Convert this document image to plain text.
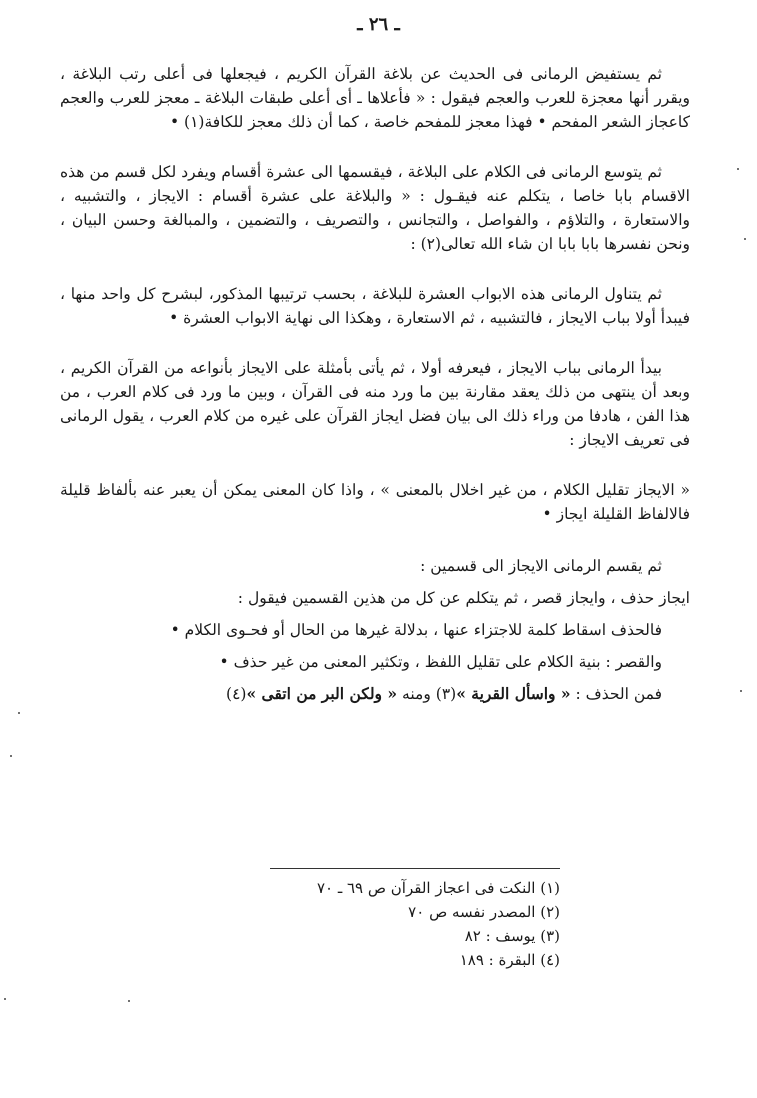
ـ ٢٦ ـ

ثم يستفيض الرمانى فى الحديث عن بلاغة القرآن الكريم ، فيجعلها فى أعلى رتب البلاغة ، ويقرر أنها معجزة للعرب والعجم فيقول : « فأعلاها ـ أى أعلى طبقات البلاغة ـ معجز للعرب والعجم كاعجاز الشعر المفحم • فهذا معجز للمفحم خاصة ، كما أن ذلك معجز للكافة(١) •

ثم يتوسع الرمانى فى الكلام على البلاغة ، فيقسمها الى عشرة أقسام ويفرد لكل قسم من هذه الاقسام بابا خاصا ، يتكلم عنه فيقـول : « والبلاغة على عشرة أقسام : الايجاز ، والتشبيه ، والاستعارة ، والتلاؤم ، والفواصل ، والتجانس ، والتصريف ، والتضمين ، والمبالغة وحسن البيان ، ونحن نفسرها بابا بابا ان شاء الله تعالى(٢) :

ثم يتناول الرمانى هذه الابواب العشرة للبلاغة ، بحسب ترتيبها المذكور، لبشرح كل واحد منها ، فيبدأ أولا بباب الايجاز ، فالتشبيه ، ثم الاستعارة ، وهكذا الى نهاية الابواب العشرة •

بيدأ الرمانى بباب الايجاز ، فيعرفه أولا ، ثم يأتى بأمثلة على الايجاز بأنواعه من القرآن الكريم ، وبعد أن ينتهى من ذلك يعقد مقارنة بين ما ورد منه فى القرآن ، وبين ما ورد فى كلام العرب ، من هذا الفن ، هادفا من وراء ذلك الى بيان فضل ايجاز القرآن على غيره من كلام العرب ، يقول الرمانى فى تعريف الايجاز :

« الايجاز تقليل الكلام ، من غير اخلال بالمعنى » ، واذا كان المعنى يمكن أن يعبر عنه بألفاظ قليلة فالالفاظ القليلة ايجاز •

ثم يقسم الرمانى الايجاز الى قسمين :

ايجاز حذف ، وايجاز قصر ، ثم يتكلم عن كل من هذين القسمين فيقول :

فالحذف اسقاط كلمة للاجتزاء عنها ، بدلالة غيرها من الحال أو فحـوى الكلام •

والقصر : بنية الكلام على تقليل اللفظ ، وتكثير المعنى من غير حذف •

فمن الحذف : « واسأل القرية »(٣) ومنه « ولكن البر من اتقى »(٤)

(١) النكت فى اعجاز القرآن ص ٦٩ ـ ٧٠

(٢) المصدر نفسه ص ٧٠

(٣) يوسف : ٨٢

(٤) البقرة : ١٨٩
